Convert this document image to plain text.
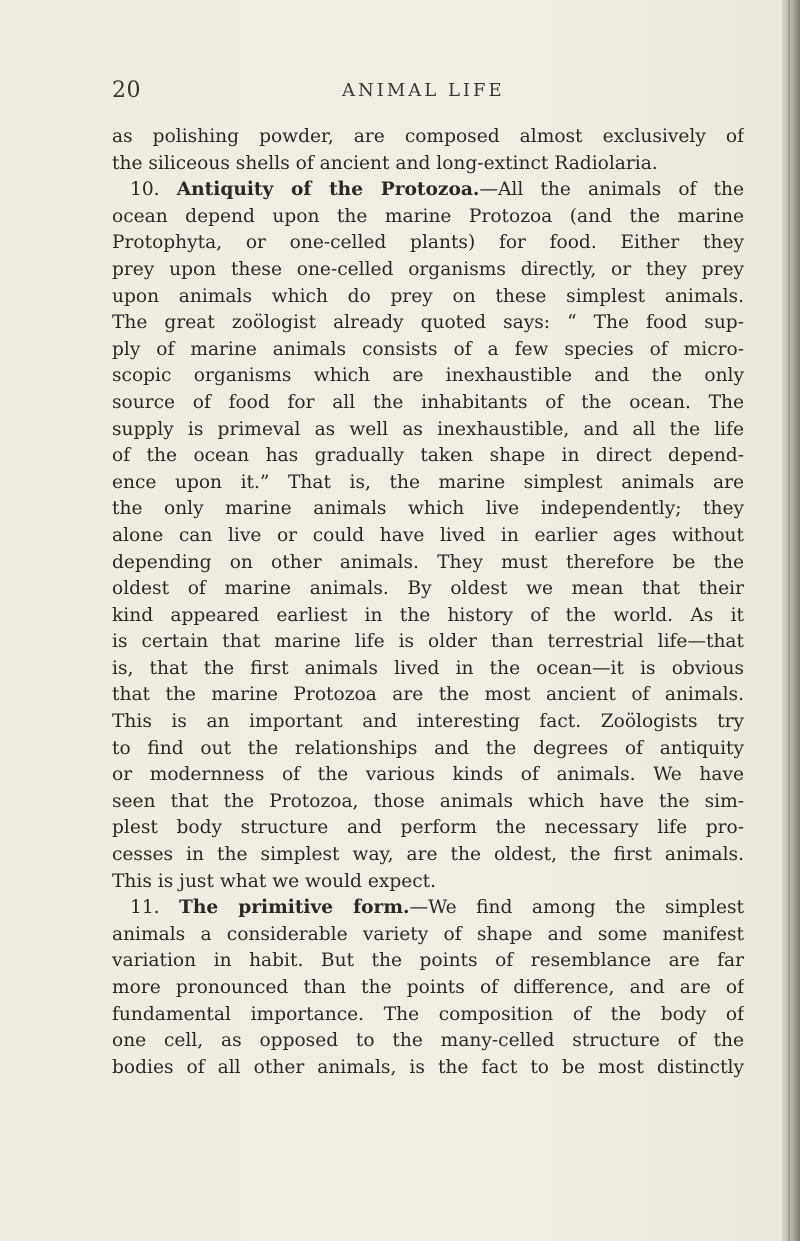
20	ANIMAL LIFE
as polishing powder, are composed almost exclusively of
the siliceous shells of ancient and long-extinct Radiolaria.
10. Antiquity of the Protozoa.—All the animals of the
ocean depend upon the marine Protozoa (and the marine
Protophyta, or one-celled plants) for food. Either they
prey upon these one-celled organisms directly, or they prey
upon animals which do prey on these simplest animals.
The great zoölogist already quoted says: “ The food sup-
ply of marine animals consists of a few species of micro-
scopic organisms which are inexhaustible and the only
source of food for all the inhabitants of the ocean. The
supply is primeval as well as inexhaustible, and all the life
of the ocean has gradually taken shape in direct depend-
ence upon it.” That is, the marine simplest animals are
the only marine animals which live independently; they
alone can live or could have lived in earlier ages without
depending on other animals. They must therefore be the
oldest of marine animals. By oldest we mean that their
kind appeared earliest in the history of the world. As it
is certain that marine life is older than terrestrial life—that
is, that the first animals lived in the ocean—it is obvious
that the marine Protozoa are the most ancient of animals.
This is an important and interesting fact. Zoölogists try
to find out the relationships and the degrees of antiquity
or modernness of the various kinds of animals. We have
seen that the Protozoa, those animals which have the sim-
plest body structure and perform the necessary life pro-
cesses in the simplest way, are the oldest, the first animals.
This is just what we would expect.
11. The primitive form.—We find among the simplest
animals a considerable variety of shape and some manifest
variation in habit. But the points of resemblance are far
more pronounced than the points of difference, and are of
fundamental importance. The composition of the body of
one cell, as opposed to the many-celled structure of the
bodies of all other animals, is the fact to be most distinctly
